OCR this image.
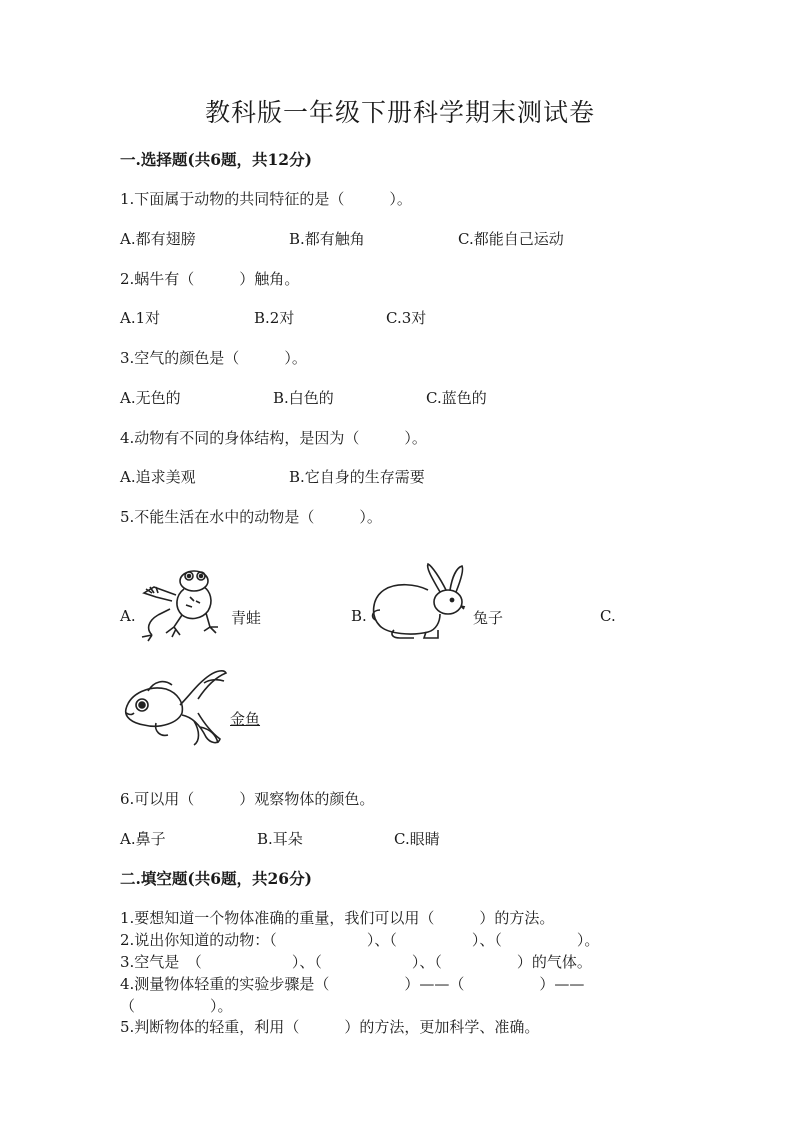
教科版一年级下册科学期末测试卷
一.选择题(共6题，共12分)
1.下面属于动物的共同特征的是（　　　）。
A.都有翅膀	B.都有触角	C.都能自己运动
2.蜗牛有（　　　）触角。
A.1对	B.2对	C.3对
3.空气的颜色是（　　　）。
A.无色的	B.白色的	C.蓝色的
4.动物有不同的身体结构，是因为（　　　）。
A.追求美观	B.它自身的生存需要
5.不能生活在水中的动物是（　　　）。
A.	青蛙	B.	兔子	C.
金鱼
6.可以用（　　　）观察物体的颜色。
A.鼻子	B.耳朵	C.眼睛
二.填空题(共6题，共26分)
1.要想知道一个物体准确的重量，我们可以用（　　　）的方法。
2.说出你知道的动物：（　　　　　　）、（　　　　　）、（　　　　　）。
3.空气是　（　　　　　　）、（　　　　　　）、（　　　　　）的气体。
4.测量物体轻重的实验步骤是（　　　　　）——（　　　　　）——
（　　　　　）。
5.判断物体的轻重，利用（　　　）的方法，更加科学、准确。
